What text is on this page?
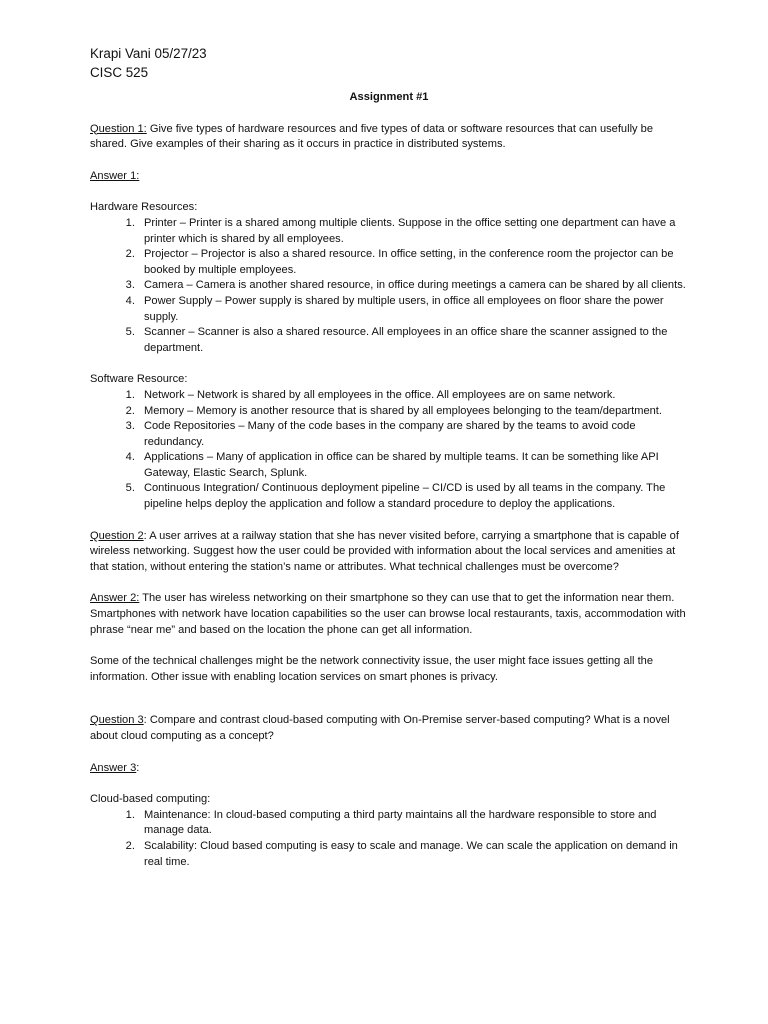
Krapi Vani 05/27/23
CISC 525
Assignment #1

Question 1: Give five types of hardware resources and five types of data or software resources that can usefully be shared. Give examples of their sharing as it occurs in practice in distributed systems.

Answer 1:

Hardware Resources:

1. Printer – Printer is a shared among multiple clients. Suppose in the office setting one department can have a printer which is shared by all employees.
2. Projector – Projector is also a shared resource. In office setting, in the conference room the projector can be booked by multiple employees.
3. Camera – Camera is another shared resource, in office during meetings a camera can be shared by all clients.
4. Power Supply – Power supply is shared by multiple users, in office all employees on floor share the power supply.
5. Scanner – Scanner is also a shared resource. All employees in an office share the scanner assigned to the department.

Software Resource:

1. Network – Network is shared by all employees in the office. All employees are on same network.
2. Memory – Memory is another resource that is shared by all employees belonging to the team/department.
3. Code Repositories – Many of the code bases in the company are shared by the teams to avoid code redundancy.
4. Applications – Many of application in office can be shared by multiple teams. It can be something like API Gateway, Elastic Search, Splunk.
5. Continuous Integration/ Continuous deployment pipeline – CI/CD is used by all teams in the company. The pipeline helps deploy the application and follow a standard procedure to deploy the applications.

Question 2: A user arrives at a railway station that she has never visited before, carrying a smartphone that is capable of wireless networking. Suggest how the user could be provided with information about the local services and amenities at that station, without entering the station’s name or attributes. What technical challenges must be overcome?

Answer 2: The user has wireless networking on their smartphone so they can use that to get the information near them. Smartphones with network have location capabilities so the user can browse local restaurants, taxis, accommodation with phrase “near me” and based on the location the phone can get all information.

Some of the technical challenges might be the network connectivity issue, the user might face issues getting all the information. Other issue with enabling location services on smart phones is privacy.

Question 3: Compare and contrast cloud-based computing with On-Premise server-based computing? What is a novel about cloud computing as a concept?

Answer 3:

Cloud-based computing:

1. Maintenance: In cloud-based computing a third party maintains all the hardware responsible to store and manage data.
2. Scalability: Cloud based computing is easy to scale and manage. We can scale the application on demand in real time.
